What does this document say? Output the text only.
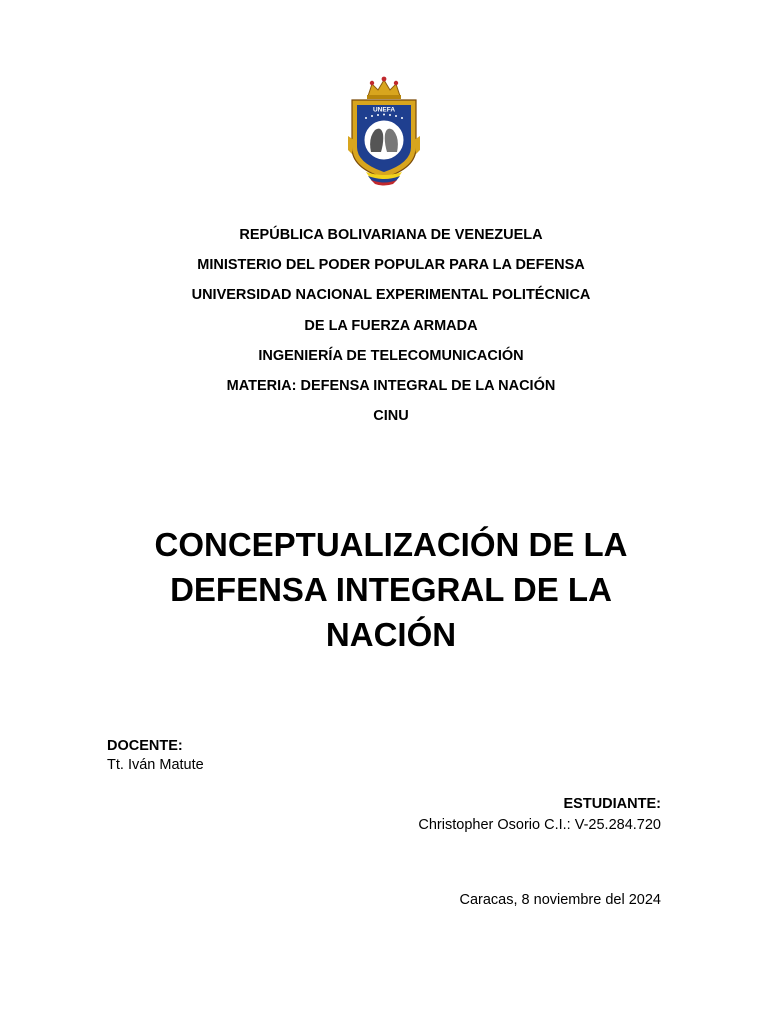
UNEFA
REPÚBLICA BOLIVARIANA DE VENEZUELA
MINISTERIO DEL PODER POPULAR PARA LA DEFENSA
UNIVERSIDAD NACIONAL EXPERIMENTAL POLITÉCNICA
DE LA FUERZA ARMADA
INGENIERÍA DE TELECOMUNICACIÓN
MATERIA: DEFENSA INTEGRAL DE LA NACIÓN
CINU
CONCEPTUALIZACIÓN DE LA
DEFENSA INTEGRAL DE LA
NACIÓN
DOCENTE:
Tt. Iván Matute
ESTUDIANTE:
Christopher Osorio C.I.: V-25.284.720
Caracas, 8 noviembre del 2024
